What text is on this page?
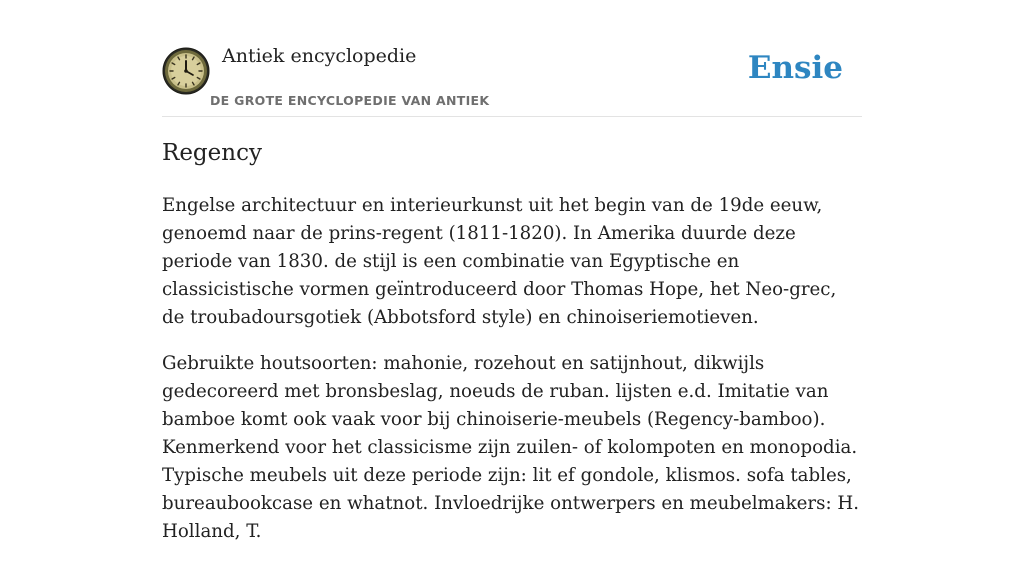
Antiek encyclopedie
DE GROTE ENCYCLOPEDIE VAN ANTIEK
Ensie
Regency

Engelse architectuur en interieurkunst uit het begin van de 19de eeuw, genoemd naar de prins-regent (1811-1820). In Amerika duurde deze periode van 1830. de stijl is een combinatie van Egyptische en classicistische vormen geïntroduceerd door Thomas Hope, het Neo-grec, de troubadoursgotiek (Abbotsford style) en chinoiseriemotieven.

Gebruikte houtsoorten: mahonie, rozehout en satijnhout, dikwijls gedecoreerd met bronsbeslag, noeuds de ruban. lijsten e.d. Imitatie van bamboe komt ook vaak voor bij chinoiserie-meubels (Regency-bamboo). Kenmerkend voor het classicisme zijn zuilen- of kolompoten en monopodia. Typische meubels uit deze periode zijn: lit ef gondole, klismos. sofa tables, bureaubookcase en whatnot. Invloedrijke ontwerpers en meubelmakers: H. Holland, T.
